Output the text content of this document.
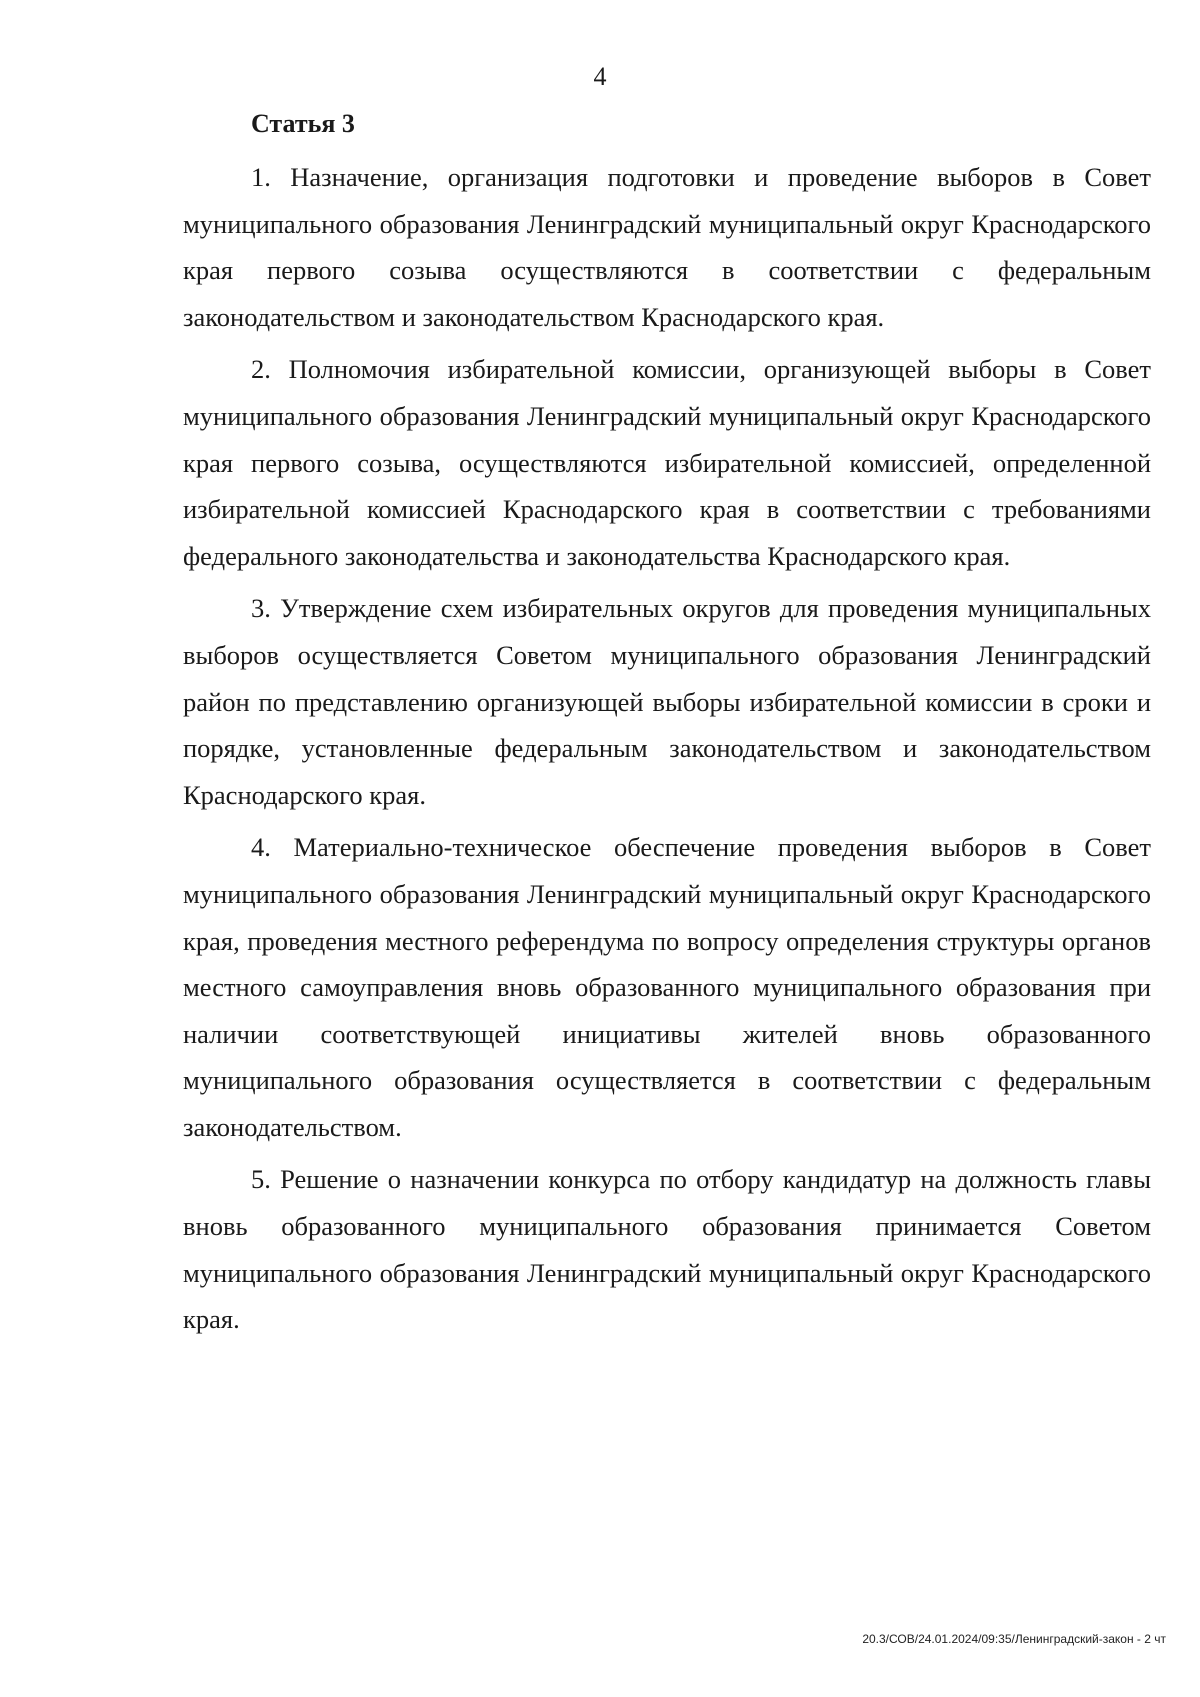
4
Статья 3

1. Назначение, организация подготовки и проведение выборов в Совет муниципального образования Ленинградский муниципальный округ Краснодарского края первого созыва осуществляются в соответствии с федеральным законодательством и законодательством Краснодарского края.

2. Полномочия избирательной комиссии, организующей выборы в Совет муниципального образования Ленинградский муниципальный округ Краснодарского края первого созыва, осуществляются избирательной комиссией, определенной избирательной комиссией Краснодарского края в соответствии с требованиями федерального законодательства и законодательства Краснодарского края.

3. Утверждение схем избирательных округов для проведения муниципальных выборов осуществляется Советом муниципального образования Ленинградский район по представлению организующей выборы избирательной комиссии в сроки и порядке, установленные федеральным законодательством и законодательством Краснодарского края.

4. Материально-техническое обеспечение проведения выборов в Совет муниципального образования Ленинградский муниципальный округ Краснодарского края, проведения местного референдума по вопросу определения структуры органов местного самоуправления вновь образованного муниципального образования при наличии соответствующей инициативы жителей вновь образованного муниципального образования осуществляется в соответствии с федеральным законодательством.

5. Решение о назначении конкурса по отбору кандидатур на должность главы вновь образованного муниципального образования принимается Советом муниципального образования Ленинградский муниципальный округ Краснодарского края.

20.3/СОВ/24.01.2024/09:35/Ленинградский-закон - 2 чт
